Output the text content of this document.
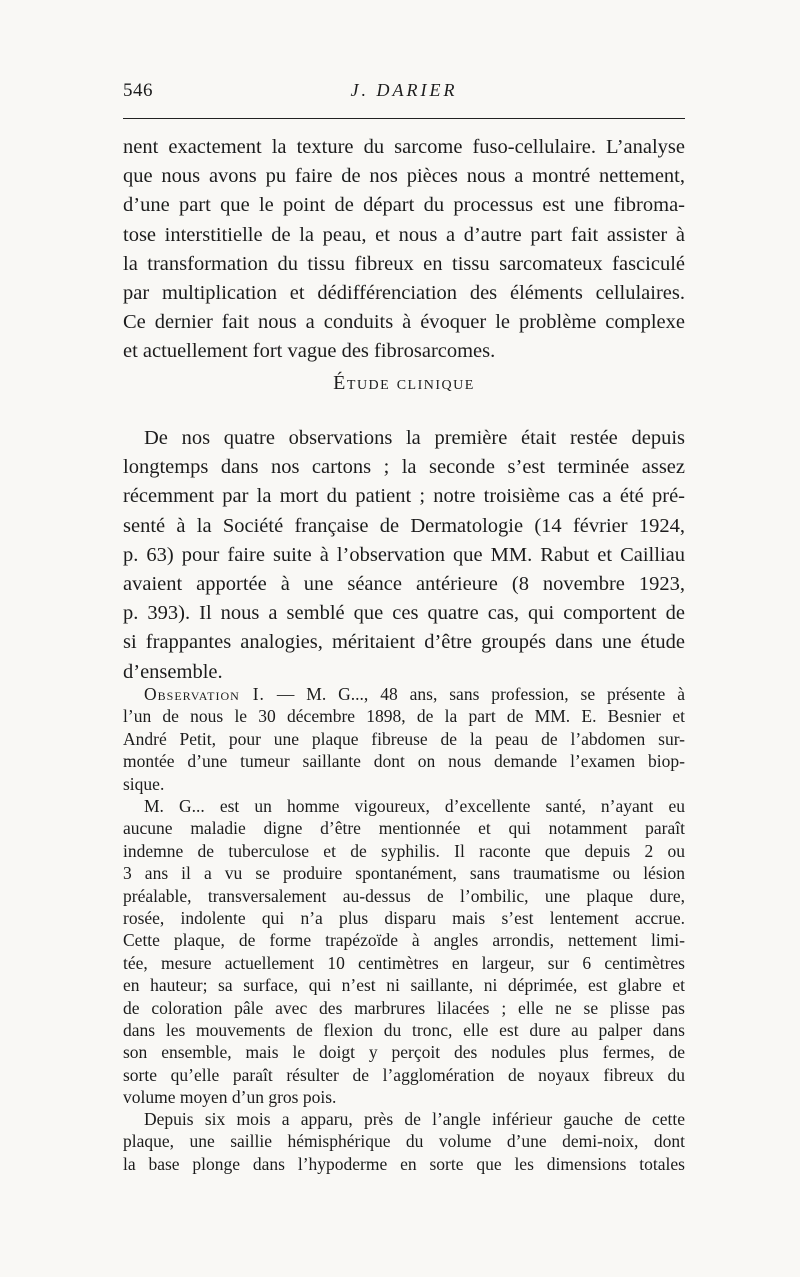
546	J. DARIER
nent exactement la texture du sarcome fuso-cellulaire. L’analyse
que nous avons pu faire de nos pièces nous a montré nettement,
d’une part que le point de départ du processus est une fibroma-
tose interstitielle de la peau, et nous a d’autre part fait assister à
la transformation du tissu fibreux en tissu sarcomateux fasciculé
par multiplication et dédifférenciation des éléments cellulaires.
Ce dernier fait nous a conduits à évoquer le problème complexe
et actuellement fort vague des fibrosarcomes.
Étude clinique
De nos quatre observations la première était restée depuis
longtemps dans nos cartons ; la seconde s’est terminée assez
récemment par la mort du patient ; notre troisième cas a été pré-
senté à la Société française de Dermatologie (14 février 1924,
p. 63) pour faire suite à l’observation que MM. Rabut et Cailliau
avaient apportée à une séance antérieure (8 novembre 1923,
p. 393). Il nous a semblé que ces quatre cas, qui comportent de
si frappantes analogies, méritaient d’être groupés dans une étude
d’ensemble.
Observation I. — M. G..., 48 ans, sans profession, se présente à
l’un de nous le 30 décembre 1898, de la part de MM. E. Besnier et
André Petit, pour une plaque fibreuse de la peau de l’abdomen sur-
montée d’une tumeur saillante dont on nous demande l’examen biop-
sique.
M. G... est un homme vigoureux, d’excellente santé, n’ayant eu
aucune maladie digne d’être mentionnée et qui notamment paraît
indemne de tuberculose et de syphilis. Il raconte que depuis 2 ou
3 ans il a vu se produire spontanément, sans traumatisme ou lésion
préalable, transversalement au-dessus de l’ombilic, une plaque dure,
rosée, indolente qui n’a plus disparu mais s’est lentement accrue.
Cette plaque, de forme trapézoïde à angles arrondis, nettement limi-
tée, mesure actuellement 10 centimètres en largeur, sur 6 centimètres
en hauteur; sa surface, qui n’est ni saillante, ni déprimée, est glabre et
de coloration pâle avec des marbrures lilacées ; elle ne se plisse pas
dans les mouvements de flexion du tronc, elle est dure au palper dans
son ensemble, mais le doigt y perçoit des nodules plus fermes, de
sorte qu’elle paraît résulter de l’agglomération de noyaux fibreux du
volume moyen d’un gros pois.
Depuis six mois a apparu, près de l’angle inférieur gauche de cette
plaque, une saillie hémisphérique du volume d’une demi-noix, dont
la base plonge dans l’hypoderme en sorte que les dimensions totales
